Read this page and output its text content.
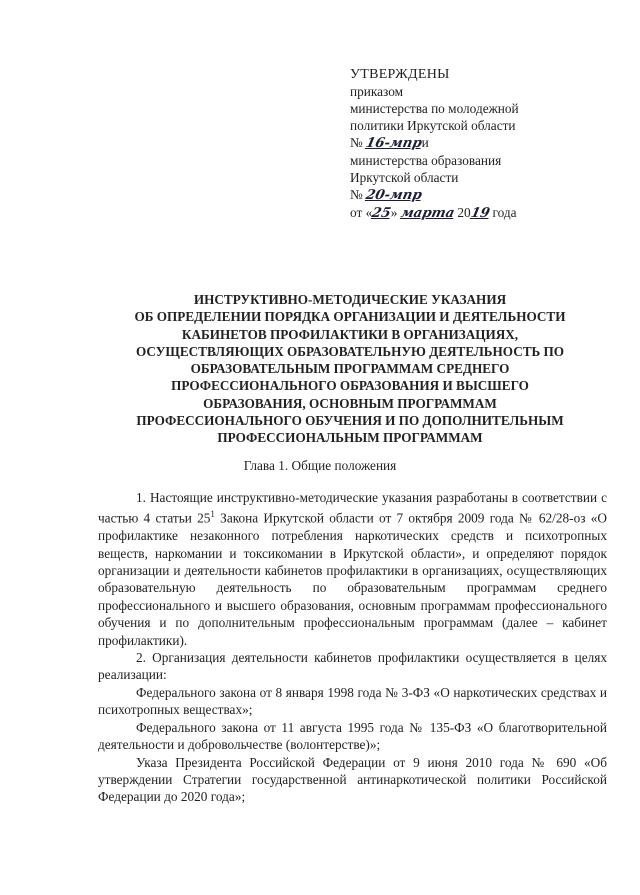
УТВЕРЖДЕНЫ
приказом
министерства по молодежной
политики Иркутской области
№ 16-мпри
министерства образования
Иркутской области
№ 20-мпр
от «25» марта 2019 года
ИНСТРУКТИВНО-МЕТОДИЧЕСКИЕ УКАЗАНИЯ
ОБ ОПРЕДЕЛЕНИИ ПОРЯДКА ОРГАНИЗАЦИИ И ДЕЯТЕЛЬНОСТИ
КАБИНЕТОВ ПРОФИЛАКТИКИ В ОРГАНИЗАЦИЯХ,
ОСУЩЕСТВЛЯЮЩИХ ОБРАЗОВАТЕЛЬНУЮ ДЕЯТЕЛЬНОСТЬ ПО
ОБРАЗОВАТЕЛЬНЫМ ПРОГРАММАМ СРЕДНЕГО
ПРОФЕССИОНАЛЬНОГО ОБРАЗОВАНИЯ И ВЫСШЕГО
ОБРАЗОВАНИЯ, ОСНОВНЫМ ПРОГРАММАМ
ПРОФЕССИОНАЛЬНОГО ОБУЧЕНИЯ И ПО ДОПОЛНИТЕЛЬНЫМ
ПРОФЕССИОНАЛЬНЫМ ПРОГРАММАМ
Глава 1. Общие положения

1. Настоящие инструктивно-методические указания разработаны в соответствии с частью 4 статьи $25^1$ Закона Иркутской области от 7 октября 2009 года № 62/28-оз «О профилактике незаконного потребления наркотических средств и психотропных веществ, наркомании и токсикомании в Иркутской области», и определяют порядок организации и деятельности кабинетов профилактики в организациях, осуществляющих образовательную деятельность по образовательным программам среднего профессионального и высшего образования, основным программам профессионального обучения и по дополнительным профессиональным программам (далее – кабинет профилактики).

2. Организация деятельности кабинетов профилактики осуществляется в целях реализации:

Федерального закона от 8 января 1998 года № 3-ФЗ «О наркотических средствах и психотропных веществах»;

Федерального закона от 11 августа 1995 года № 135-ФЗ «О благотворительной деятельности и добровольчестве (волонтерстве)»;

Указа Президента Российской Федерации от 9 июня 2010 года № 690 «Об утверждении Стратегии государственной антинаркотической политики Российской Федерации до 2020 года»;
